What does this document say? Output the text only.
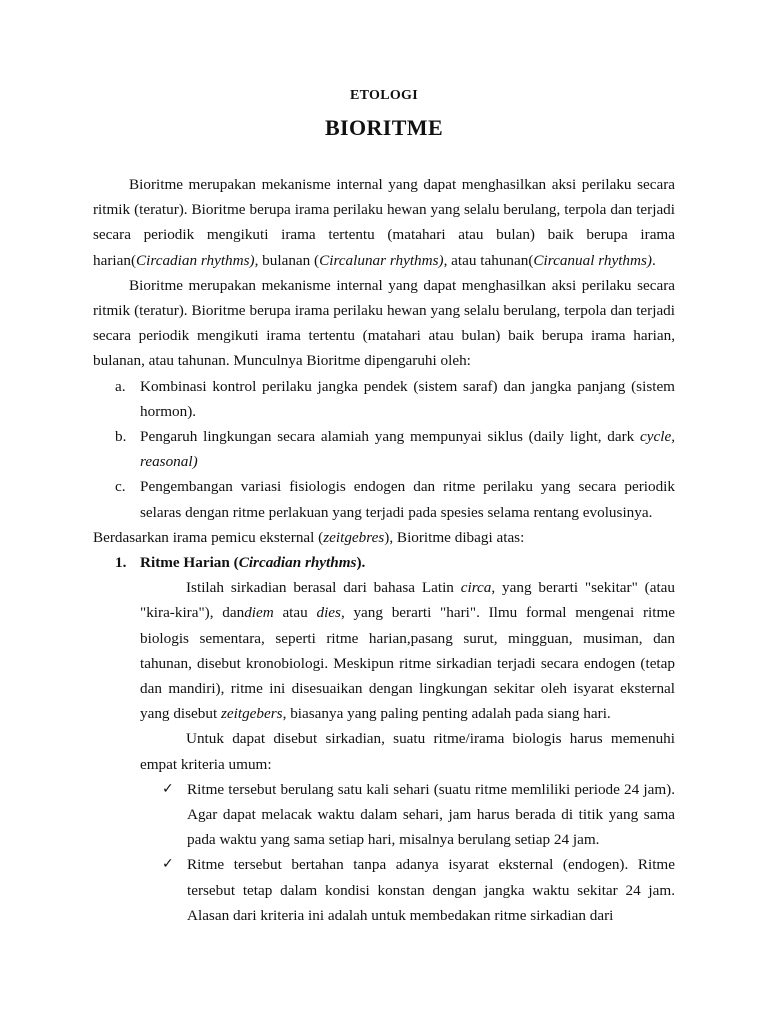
ETOLOGI
BIORITME

Bioritme merupakan mekanisme internal yang dapat menghasilkan aksi perilaku secara ritmik (teratur). Bioritme berupa irama perilaku hewan yang selalu berulang, terpola dan terjadi secara periodik mengikuti irama tertentu (matahari atau bulan) baik berupa irama harian(Circadian rhythms), bulanan (Circalunar rhythms), atau tahunan(Circanual rhythms).

Bioritme merupakan mekanisme internal yang dapat menghasilkan aksi perilaku secara ritmik (teratur). Bioritme berupa irama perilaku hewan yang selalu berulang, terpola dan terjadi secara periodik mengikuti irama tertentu (matahari atau bulan) baik berupa irama harian, bulanan, atau tahunan. Munculnya Bioritme dipengaruhi oleh:

a. Kombinasi kontrol perilaku jangka pendek (sistem saraf) dan jangka panjang (sistem hormon).
b. Pengaruh lingkungan secara alamiah yang mempunyai siklus (daily light, dark cycle, reasonal)
c. Pengembangan variasi fisiologis endogen dan ritme perilaku yang secara periodik selaras dengan ritme perlakuan yang terjadi pada spesies selama rentang evolusinya.

Berdasarkan irama pemicu eksternal (zeitgebres), Bioritme dibagi atas:

1. Ritme Harian (Circadian rhythms).

Istilah sirkadian berasal dari bahasa Latin circa, yang berarti "sekitar" (atau "kira-kira"), dandiem atau dies, yang berarti "hari". Ilmu formal mengenai ritme biologis sementara, seperti ritme harian,pasang surut, mingguan, musiman, dan tahunan, disebut kronobiologi. Meskipun ritme sirkadian terjadi secara endogen (tetap dan mandiri), ritme ini disesuaikan dengan lingkungan sekitar oleh isyarat eksternal yang disebut zeitgebers, biasanya yang paling penting adalah pada siang hari.

Untuk dapat disebut sirkadian, suatu ritme/irama biologis harus memenuhi empat kriteria umum:

✓ Ritme tersebut berulang satu kali sehari (suatu ritme memliliki periode 24 jam). Agar dapat melacak waktu dalam sehari, jam harus berada di titik yang sama pada waktu yang sama setiap hari, misalnya berulang setiap 24 jam.
✓ Ritme tersebut bertahan tanpa adanya isyarat eksternal (endogen). Ritme tersebut tetap dalam kondisi konstan dengan jangka waktu sekitar 24 jam. Alasan dari kriteria ini adalah untuk membedakan ritme sirkadian dari
